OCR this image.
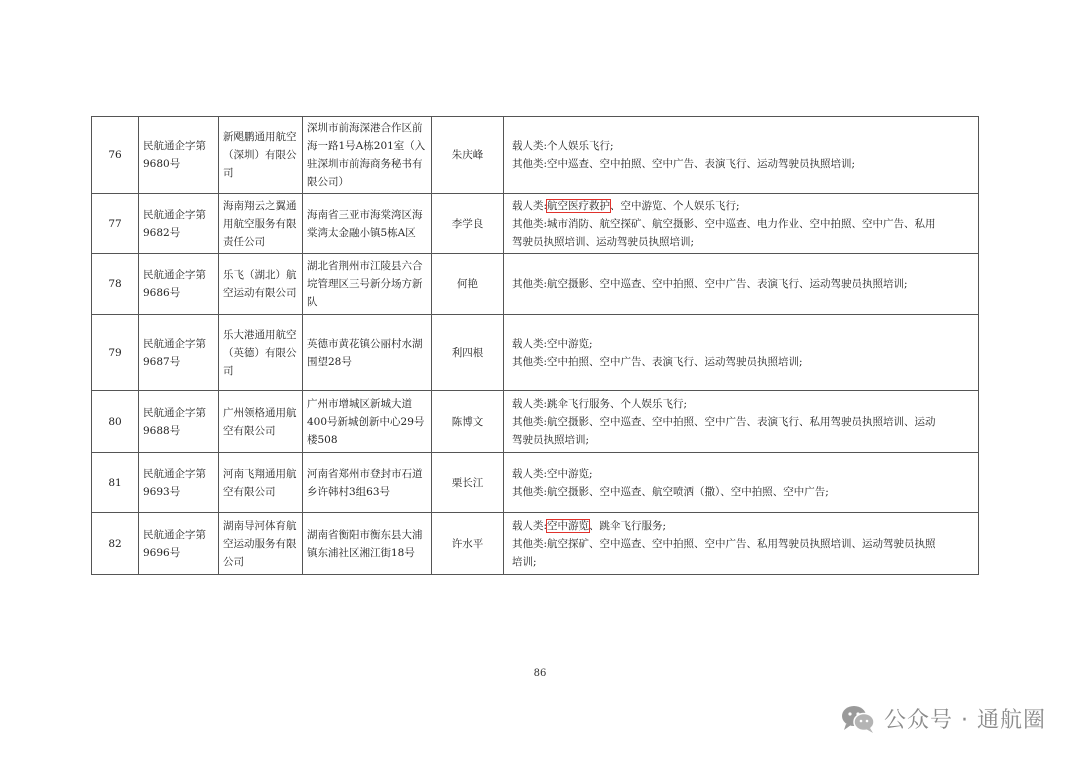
76	民航通企字第9680号	新飓鹏通用航空（深圳）有限公司	深圳市前海深港合作区前海一路1号A栋201室（入驻深圳市前海商务秘书有限公司）	朱庆峰	载人类:个人娱乐飞行;
其他类:空中巡查、空中拍照、空中广告、表演飞行、运动驾驶员执照培训;

77	民航通企字第9682号	海南翔云之翼通用航空服务有限责任公司	海南省三亚市海棠湾区海棠湾太金融小镇5栋A区	李学良	载人类:航空医疗救护、空中游览、个人娱乐飞行;
其他类:城市消防、航空探矿、航空摄影、空中巡查、电力作业、空中拍照、空中广告、私用
驾驶员执照培训、运动驾驶员执照培训;

78	民航通企字第9686号	乐飞（湖北）航空运动有限公司	湖北省荆州市江陵县六合垸管理区三号新分场方新队	何艳	其他类:航空摄影、空中巡查、空中拍照、空中广告、表演飞行、运动驾驶员执照培训;

79	民航通企字第9687号	乐大港通用航空（英德）有限公司	英德市黄花镇公丽村水湖围望28号	利四根	载人类:空中游览;
其他类:空中拍照、空中广告、表演飞行、运动驾驶员执照培训;

80	民航通企字第9688号	广州领格通用航空有限公司	广州市增城区新城大道400号新城创新中心29号楼508	陈博文	载人类:跳伞飞行服务、个人娱乐飞行;
其他类:航空摄影、空中巡查、空中拍照、空中广告、表演飞行、私用驾驶员执照培训、运动
驾驶员执照培训;

81	民航通企字第9693号	河南飞翔通用航空有限公司	河南省郑州市登封市石道乡许韩村3组63号	栗长江	载人类:空中游览;
其他类:航空摄影、空中巡查、航空喷洒（撒）、空中拍照、空中广告;

82	民航通企字第9696号	湖南导河体育航空运动服务有限公司	湖南省衡阳市衡东县大浦镇东浦社区湘江街18号	许水平	载人类:空中游览、跳伞飞行服务;
其他类:航空探矿、空中巡查、空中拍照、空中广告、私用驾驶员执照培训、运动驾驶员执照
培训;
86
公众号 · 通航圈
